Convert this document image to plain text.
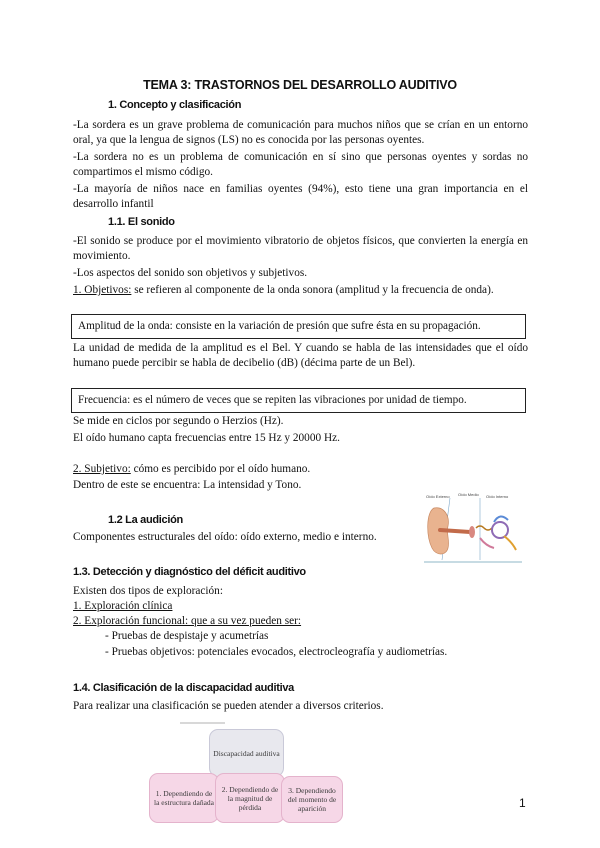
TEMA 3: TRASTORNOS DEL DESARROLLO AUDITIVO
1. Concepto y clasificación
-La sordera es un grave problema de comunicación para muchos niños que se crían en un entorno oral, ya que la lengua de signos (LS) no es conocida por las personas oyentes.
-La sordera no es un problema de comunicación en sí sino que personas oyentes y sordas no compartimos el mismo código.
-La mayoría de niños nace en familias oyentes (94%), esto tiene una gran importancia en el desarrollo infantil
1.1. El sonido
-El sonido se produce por el movimiento vibratorio de objetos físicos, que convierten la energía en movimiento.
-Los aspectos del sonido son objetivos y subjetivos.
1. Objetivos: se refieren al componente de la onda sonora (amplitud y la frecuencia de onda).
Amplitud de la onda: consiste en la variación de presión que sufre ésta en su propagación.
La unidad de medida de la amplitud es el Bel. Y cuando se habla de las intensidades que el oído humano puede percibir se habla de decibelio (dB) (décima parte de un Bel).
Frecuencia: es el número de veces que se repiten las vibraciones por unidad de tiempo.
Se mide en ciclos por segundo o Herzios (Hz).
El oído humano capta frecuencias entre 15 Hz y 20000 Hz.
2. Subjetivo: cómo es percibido por el oído humano.
Dentro de este se encuentra: La intensidad y Tono.
Oído Externo Oído Medio Oído Interno
1.2 La audición
Componentes estructurales del oído: oído externo, medio e interno.
1.3. Detección y diagnóstico del déficit auditivo
Existen dos tipos de exploración:
1. Exploración clínica
2. Exploración funcional: que a su vez pueden ser:
- Pruebas de despistaje y acumetrías
- Pruebas objetivos: potenciales evocados, electrocleografía y audiometrías.
1.4. Clasificación de la discapacidad auditiva
Para realizar una clasificación se pueden atender a diversos criterios.
Discapacidad auditiva
1. Dependiendo de la estructura dañada
2. Dependiendo de la magnitud de pérdida
3. Dependiendo del momento de aparición	1
